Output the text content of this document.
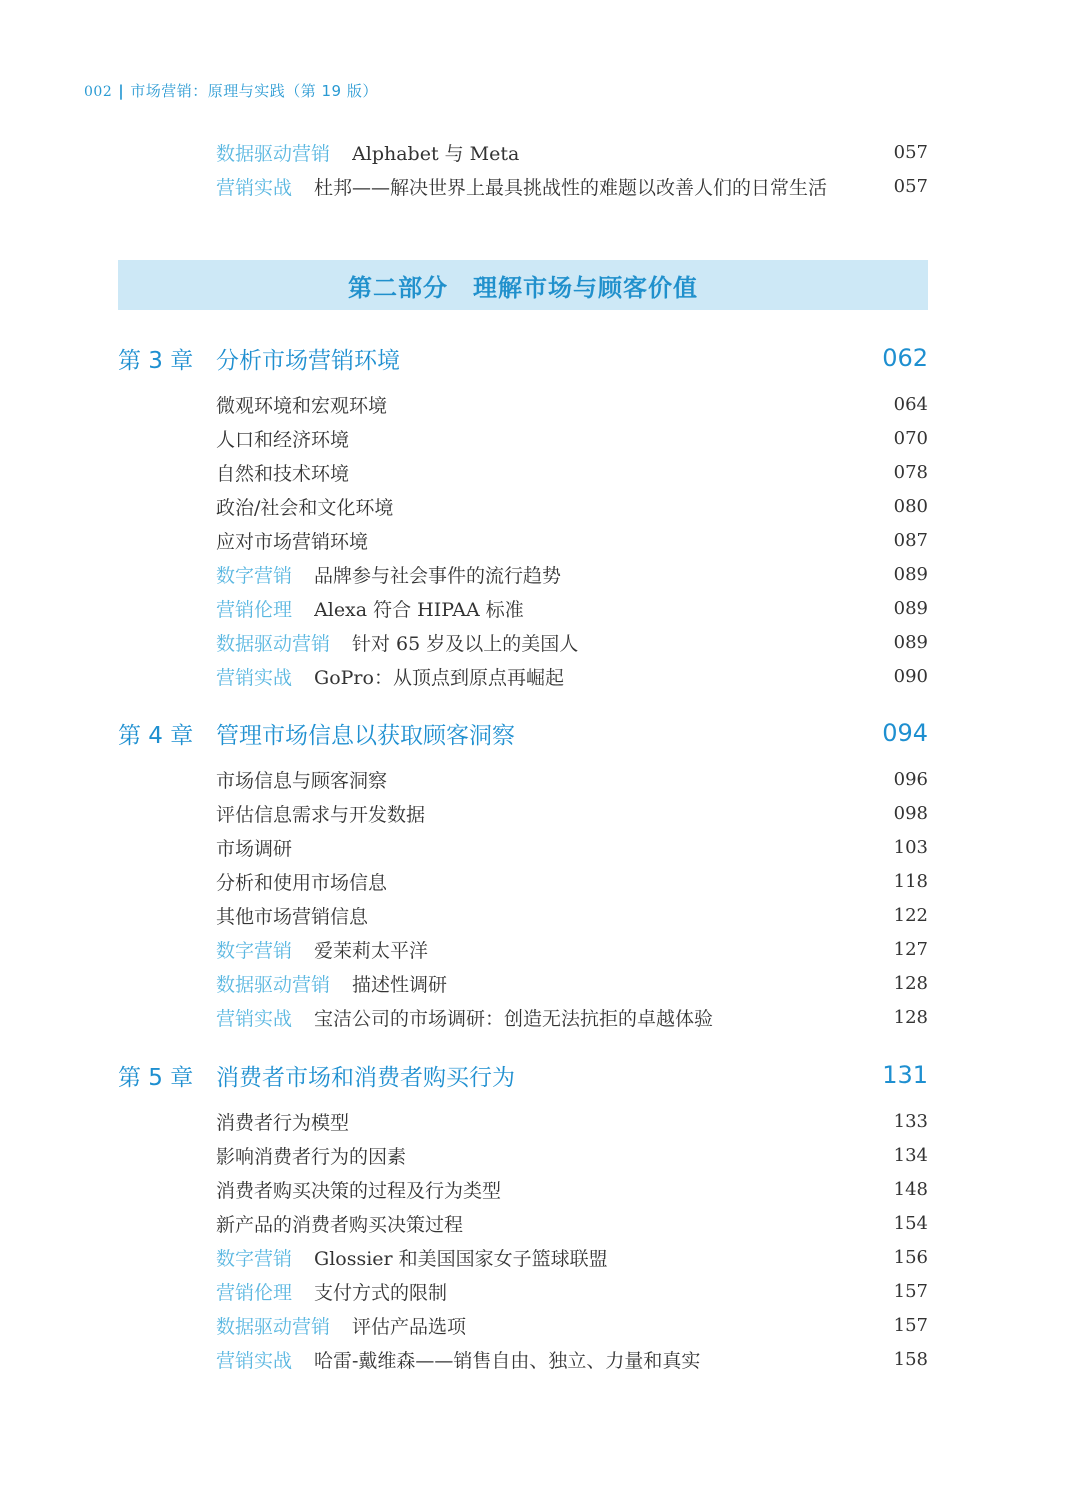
002 | 市场营销：原理与实践（第 19 版）
数据驱动营销 Alphabet 与 Meta	057
营销实战 杜邦——解决世界上最具挑战性的难题以改善人们的日常生活	057
第二部分　理解市场与顾客价值
第 3 章 分析市场营销环境	062
微观环境和宏观环境	064
人口和经济环境	070
自然和技术环境	078
政治/社会和文化环境	080
应对市场营销环境	087
数字营销 品牌参与社会事件的流行趋势	089
营销伦理 Alexa 符合 HIPAA 标准	089
数据驱动营销 针对 65 岁及以上的美国人	089
营销实战 GoPro：从顶点到原点再崛起	090
第 4 章 管理市场信息以获取顾客洞察	094
市场信息与顾客洞察	096
评估信息需求与开发数据	098
市场调研	103
分析和使用市场信息	118
其他市场营销信息	122
数字营销 爱茉莉太平洋	127
数据驱动营销 描述性调研	128
营销实战 宝洁公司的市场调研：创造无法抗拒的卓越体验	128
第 5 章 消费者市场和消费者购买行为	131
消费者行为模型	133
影响消费者行为的因素	134
消费者购买决策的过程及行为类型	148
新产品的消费者购买决策过程	154
数字营销 Glossier 和美国国家女子篮球联盟	156
营销伦理 支付方式的限制	157
数据驱动营销 评估产品选项	157
营销实战 哈雷-戴维森——销售自由、独立、力量和真实	158
